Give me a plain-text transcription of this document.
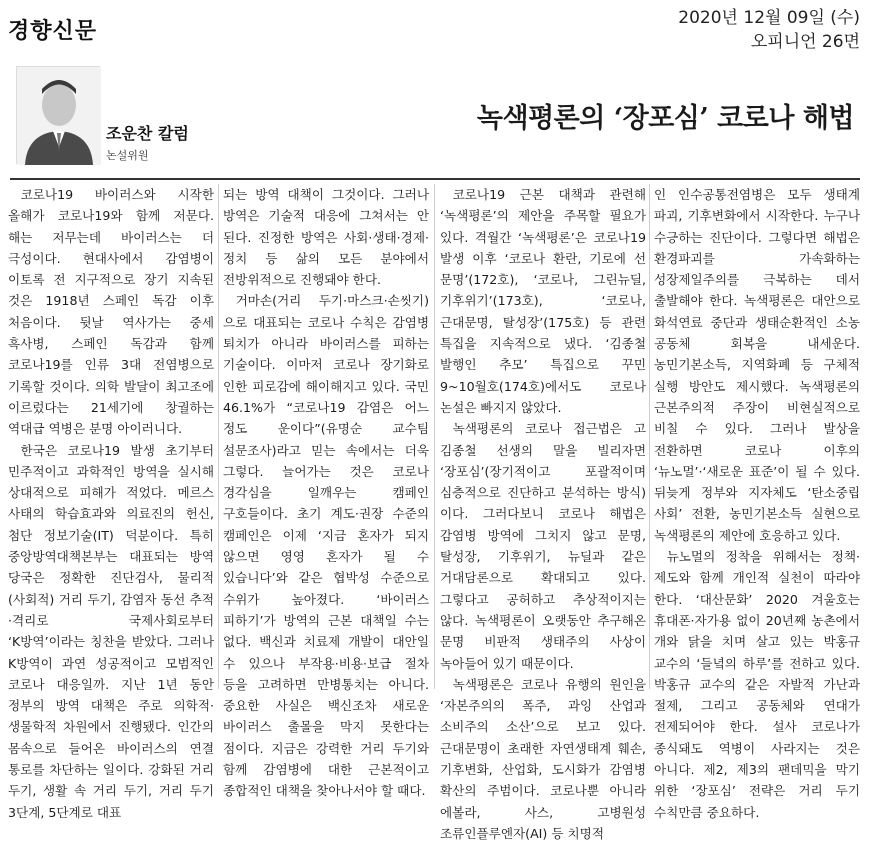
경향신문	2020년 12월 09일 (수)
오피니언 26면
조운찬 칼럼
논설위원
녹색평론의 ‘장포심’ 코로나 해법

코로나19 바이러스와 시작한 올해가 코로나19와 함께 저문다. 해는 저무는데 바이러스는 더 극성이다. 현대사에서 감염병이 이토록 전 지구적으로 장기 지속된 것은 1918년 스페인 독감 이후 처음이다. 뒷날 역사가는 중세 흑사병, 스페인 독감과 함께 코로나19를 인류 3대 전염병으로 기록할 것이다. 의학 발달이 최고조에 이르렀다는 21세기에 창궐하는 역대급 역병은 분명 아이러니다.

한국은 코로나19 발생 초기부터 민주적이고 과학적인 방역을 실시해 상대적으로 피해가 적었다. 메르스 사태의 학습효과와 의료진의 헌신, 첨단 정보기술(IT) 덕분이다. 특히 중앙방역대책본부는 대표되는 방역 당국은 정확한 진단검사, 물리적(사회적) 거리 두기, 감염자 동선 추적·격리로 국제사회로부터 ‘K방역’이라는 칭찬을 받았다. 그러나 K방역이 과연 성공적이고 모범적인 코로나 대응일까. 지난 1년 동안 정부의 방역 대책은 주로 의학적·생물학적 차원에서 진행됐다. 인간의 몸속으로 들어온 바이러스의 연결 통로를 차단하는 일이다. 강화된 거리 두기, 생활 속 거리 두기, 거리 두기 3단계, 5단계로 대표

되는 방역 대책이 그것이다. 그러나 방역은 기술적 대응에 그쳐서는 안 된다. 진정한 방역은 사회·생태·경제·정치 등 삶의 모든 분야에서 전방위적으로 진행돼야 한다.

거마손(거리 두기·마스크·손씻기)으로 대표되는 코로나 수칙은 감염병 퇴치가 아니라 바이러스를 피하는 기술이다. 이마저 코로나 장기화로 인한 피로감에 해이해지고 있다. 국민 46.1%가 “코로나19 감염은 어느 정도 운이다”(유명순 교수팀 설문조사)라고 믿는 속에서는 더욱 그렇다. 늘어가는 것은 코로나 경각심을 일깨우는 캠페인 구호들이다. 초기 계도·권장 수준의 캠페인은 이제 ‘지금 혼자가 되지 않으면 영영 혼자가 될 수 있습니다’와 같은 협박성 수준으로 수위가 높아졌다. ‘바이러스 피하기’가 방역의 근본 대책일 수는 없다. 백신과 치료제 개발이 대안일 수 있으나 부작용·비용·보급 절차 등을 고려하면 만병통치는 아니다. 중요한 사실은 백신조차 새로운 바이러스 출몰을 막지 못한다는 점이다. 지금은 강력한 거리 두기와 함께 감염병에 대한 근본적이고 종합적인 대책을 찾아나서야 할 때다.

코로나19 근본 대책과 관련해 ‘녹색평론’의 제안을 주목할 필요가 있다. 격월간 ‘녹색평론’은 코로나19 발생 이후 ‘코로나 환란, 기로에 선 문명’(172호), ‘코로나, 그린뉴딜, 기후위기’(173호), ‘코로나, 근대문명, 탈성장’(175호) 등 관련 특집을 지속적으로 냈다. ‘김종철 발행인 추모’ 특집으로 꾸민 9~10월호(174호)에서도 코로나 논설은 빠지지 않았다.

녹색평론의 코로나 접근법은 고 김종철 선생의 말을 빌리자면 ‘장포심’(장기적이고 포괄적이며 심층적으로 진단하고 분석하는 방식)이다. 그러다보니 코로나 해법은 감염병 방역에 그치지 않고 문명, 탈성장, 기후위기, 뉴딜과 같은 거대담론으로 확대되고 있다. 그렇다고 공허하고 추상적이지는 않다. 녹색평론이 오랫동안 추구해온 문명 비판적 생태주의 사상이 녹아들어 있기 때문이다.

녹색평론은 코로나 유행의 원인을 ‘자본주의의 폭주, 과잉 산업과 소비주의 소산’으로 보고 있다. 근대문명이 초래한 자연생태계 훼손, 기후변화, 산업화, 도시화가 감염병 확산의 주범이다. 코로나뿐 아니라 에볼라, 사스, 고병원성 조류인플루엔자(AI) 등 치명적

인 인수공통전염병은 모두 생태계 파괴, 기후변화에서 시작한다. 누구나 수긍하는 진단이다. 그렇다면 해법은 환경파괴를 가속화하는 성장제일주의를 극복하는 데서 출발해야 한다. 녹색평론은 대안으로 화석연료 중단과 생태순환적인 소농 공동체 회복을 내세운다. 농민기본소득, 지역화폐 등 구체적 실행 방안도 제시했다. 녹색평론의 근본주의적 주장이 비현실적으로 비칠 수 있다. 그러나 발상을 전환하면 코로나 이후의 ‘뉴노멀’·‘새로운 표준’이 될 수 있다. 뒤늦게 정부와 지자체도 ‘탄소중립 사회’ 전환, 농민기본소득 실현으로 녹색평론의 제안에 호응하고 있다.

뉴노멀의 정착을 위해서는 정책·제도와 함께 개인적 실천이 따라야 한다. ‘대산문화’ 2020 겨울호는 휴대폰·자가용 없이 20년째 농촌에서 개와 닭을 치며 살고 있는 박홍규 교수의 ‘들녘의 하루’를 전하고 있다. 박홍규 교수의 같은 자발적 가난과 절제, 그리고 공동체와 연대가 전제되어야 한다. 설사 코로나가 종식돼도 역병이 사라지는 것은 아니다. 제2, 제3의 팬데믹을 막기 위한 ‘장포심’ 전략은 거리 두기 수칙만큼 중요하다.
